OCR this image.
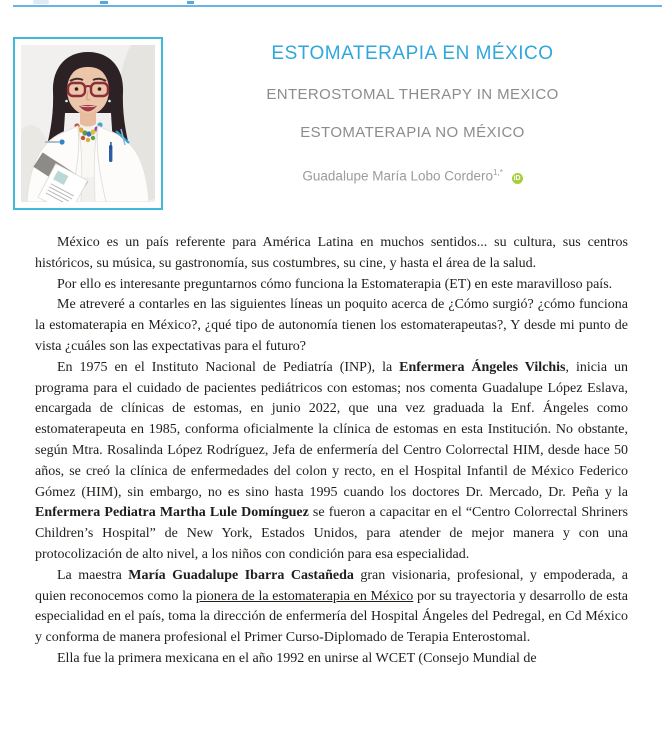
ESTOMATERAPIA EN MÉXICO
ENTEROSTOMAL THERAPY IN MEXICO
ESTOMATERAPIA NO MÉXICO
Guadalupe María Lobo Cordero$^{1,*}$ iD

México es un país referente para América Latina en muchos sentidos... su cultura, sus centros históricos, su música, su gastronomía, sus costumbres, su cine, y hasta el área de la salud.

Por ello es interesante preguntarnos cómo funciona la Estomaterapia (ET) en este maravilloso país.

Me atreveré a contarles en las siguientes líneas un poquito acerca de ¿Cómo surgió? ¿cómo funciona la estomaterapia en México?, ¿qué tipo de autonomía tienen los estomaterapeutas?, Y desde mi punto de vista ¿cuáles son las expectativas para el futuro?

En 1975 en el Instituto Nacional de Pediatría (INP), la Enfermera Ángeles Vilchis, inicia un programa para el cuidado de pacientes pediátricos con estomas; nos comenta Guadalupe López Eslava, encargada de clínicas de estomas, en junio 2022, que una vez graduada la Enf. Ángeles como estomaterapeuta en 1985, conforma oficialmente la clínica de estomas en esta Institución. No obstante, según Mtra. Rosalinda López Rodríguez, Jefa de enfermería del Centro Colorrectal HIM, desde hace 50 años, se creó la clínica de enfermedades del colon y recto, en el Hospital Infantil de México Federico Gómez (HIM), sin embargo, no es sino hasta 1995 cuando los doctores Dr. Mercado, Dr. Peña y la Enfermera Pediatra Martha Lule Domínguez se fueron a capacitar en el “Centro Colorrectal Shriners Children’s Hospital” de New York, Estados Unidos, para atender de mejor manera y con una protocolización de alto nivel, a los niños con condición para esa especialidad.

La maestra María Guadalupe Ibarra Castañeda gran visionaria, profesional, y empoderada, a quien reconocemos como la pionera de la estomaterapia en México por su trayectoria y desarrollo de esta especialidad en el país, toma la dirección de enfermería del Hospital Ángeles del Pedregal, en Cd México y conforma de manera profesional el Primer Curso-Diplomado de Terapia Enterostomal.

Ella fue la primera mexicana en el año 1992 en unirse al WCET (Consejo Mundial de
